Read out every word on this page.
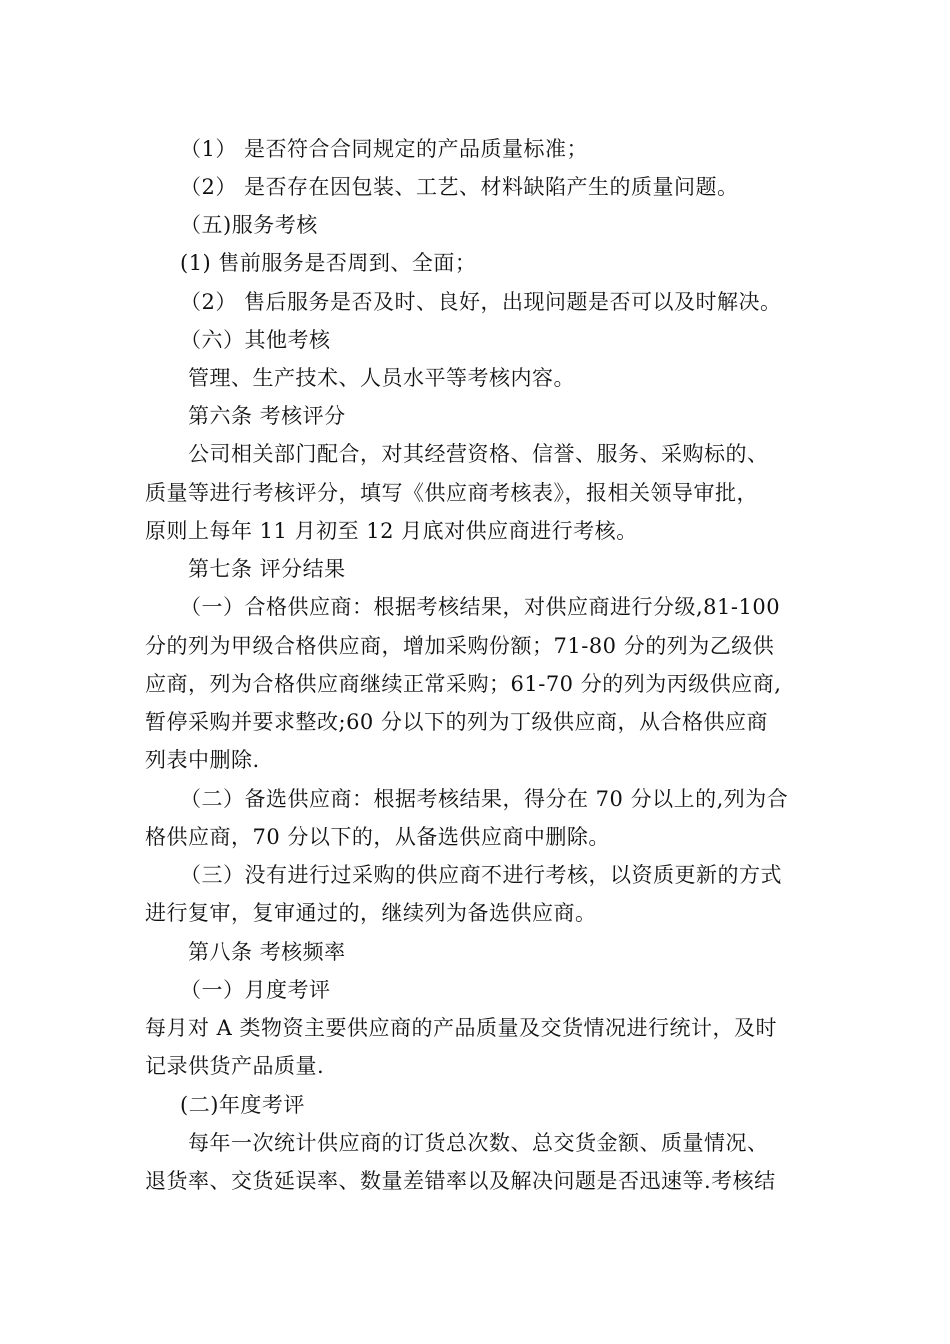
（1） 是否符合合同规定的产品质量标准；
（2） 是否存在因包装、工艺、材料缺陷产生的质量问题。
（五)服务考核
(1) 售前服务是否周到、全面；
（2） 售后服务是否及时、良好，出现问题是否可以及时解决。
（六）其他考核
管理、生产技术、人员水平等考核内容。
第六条 考核评分
公司相关部门配合，对其经营资格、信誉、服务、采购标的、
质量等进行考核评分，填写《供应商考核表》，报相关领导审批，
原则上每年 11 月初至 12 月底对供应商进行考核。
第七条 评分结果
（一）合格供应商：根据考核结果，对供应商进行分级,81-100
分的列为甲级合格供应商，增加采购份额；71-80 分的列为乙级供
应商，列为合格供应商继续正常采购；61-70 分的列为丙级供应商,
暂停采购并要求整改;60 分以下的列为丁级供应商，从合格供应商
列表中删除.
（二）备选供应商：根据考核结果，得分在 70 分以上的,列为合
格供应商，70 分以下的，从备选供应商中删除。
（三）没有进行过采购的供应商不进行考核，以资质更新的方式
进行复审，复审通过的，继续列为备选供应商。
第八条 考核频率
（一）月度考评
每月对 A 类物资主要供应商的产品质量及交货情况进行统计，及时
记录供货产品质量.
(二)年度考评
每年一次统计供应商的订货总次数、总交货金额、质量情况、
退货率、交货延误率、数量差错率以及解决问题是否迅速等.考核结
